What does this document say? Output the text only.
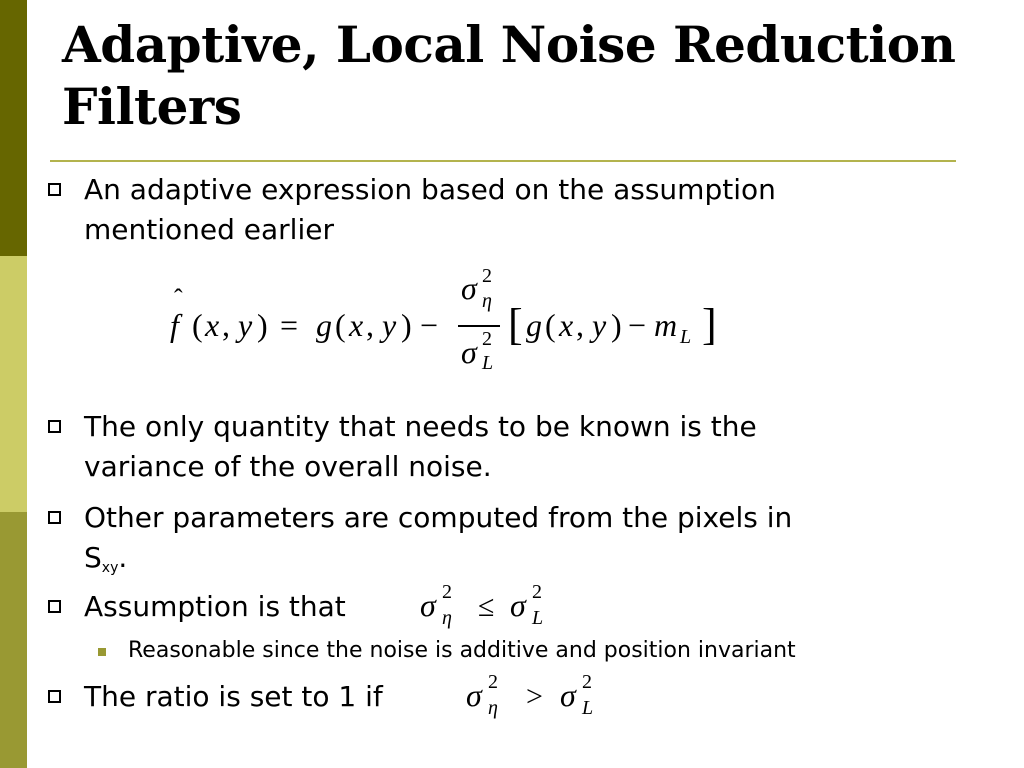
Adaptive, Local Noise Reduction
Filters
An adaptive expression based on the assumption
mentioned earlier
f
ˆ
( x , y ) = g ( x , y ) −
σ 2
η
σ 2
L
[ g ( x , y ) − m L ]
The only quantity that needs to be known is the
variance of the overall noise.
Other parameters are computed from the pixels in
$S_{xy}$.
Assumption is that σ 2
η ≤ σ 2
L
Reasonable since the noise is additive and position invariant
The ratio is set to 1 if	σ 2
η > σ 2
L
